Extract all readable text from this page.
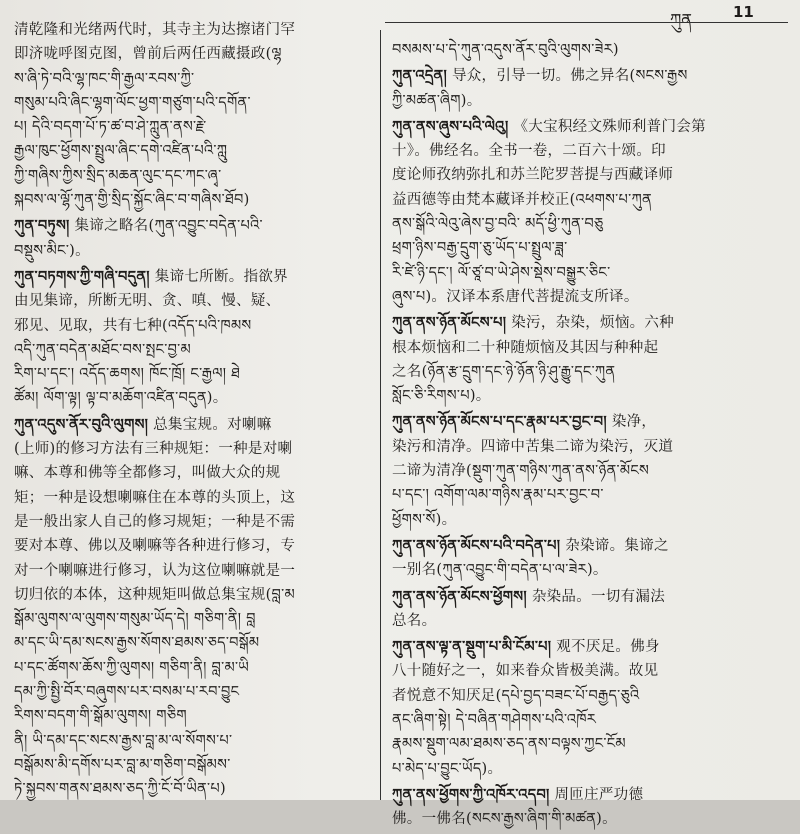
ཀུན	11
清乾隆和光绪两代时，其寺主为达擦诸门罕
即济咙呼图克图，曾前后两任西藏摄政(ལྷ
ས་ཞི་ཏེ་བའི་ལྷ་ཁང་གི་རྒྱལ་རབས་ཀྱི་
གསུམ་པའི་ཞིང་ལྷག་ལོང་ཕྱག་གཙུག་པའི་དགོན་
པ། དེའི་བདག་པོ་ཏ་ཚ་བ་ཤེ་ཀླུན་ནས་རྗེ་
རྒྱལ་ཁུང་ཕྱོགས་སྤྲུལ་ཞིང་དགེ་འཛིན་པའི་ཀླུ
ཀྱི་གཞིས་ཀྱིས་སྲིད་མཆན་ལུང་དང་ཀང་ཞྭ་
སྐབས་ལ་ལྷོ་ཀུན་གྱི་སྲིད་སྐྱོང་ཞིང་བ་གཞིས་ཐོབ)
ཀུན་བཏུས། 集谛之略名(ཀུན་འབྱུང་བདེན་པའི་
བསྡུས་མིང་)。
ཀུན་བཏགས་ཀྱི་གཞི་བདུན། 集谛七所断。指欲界
由见集谛，所断无明、贪、嗔、慢、疑、
邪见、见取，共有七种(འདོད་པའི་ཁམས
འདི་ཀུན་བདེན་མཐོང་བས་སྤང་བྱ་མ
རིག་པ་དང་། འདོད་ཆགས། ཁོང་ཁྲོ། ང་རྒྱལ། ཐེ
ཚོམ། ལོག་ལྟ། ལྟ་བ་མཆོག་འཛིན་བདུན)。
ཀུན་འདུས་ནོར་བུའི་ལུགས། 总集宝规。对喇嘛
(上师)的修习方法有三种规矩：一种是对喇
嘛、本尊和佛等全都修习，叫做大众的规
矩；一种是设想喇嘛住在本尊的头顶上，这
是一般出家人自己的修习规矩；一种是不需
要对本尊、佛以及喇嘛等各种进行修习，专
对一个喇嘛进行修习，认为这位喇嘛就是一
切归依的本体，这种规矩叫做总集宝规(བླ་མ
སྒོམ་ལུགས་ལ་ལུགས་གསུམ་ཡོད་དེ། གཅིག་ནི། བླ
མ་དང་ཡི་དམ་སངས་རྒྱས་སོགས་ཐམས་ཅད་བསྒོམ
པ་དང་ཚོགས་ཆོས་ཀྱི་ལུགས། གཅིག་ནི། བླ་མ་ཡི
དམ་ཀྱི་སྤྱི་བོར་བཞུགས་པར་བསམ་པ་རབ་བྱུང
རིགས་བདག་གི་སྒོམ་ལུགས། གཅིག
ནི། ཡི་དམ་དང་སངས་རྒྱས་བླ་མ་ལ་སོགས་པ་
བསྒོམས་མི་དགོས་པར་བླ་མ་གཅིག་བསྒོམས་
ཏེ་སྐྱབས་གནས་ཐམས་ཅད་ཀྱི་ངོ་བོ་ཡིན་པ)
བསམས་པ་དེ་ཀུན་འདུས་ནོར་བུའི་ལུགས་ཟེར)
ཀུན་འདྲེན། 导众，引导一切。佛之异名(སངས་རྒྱས
ཀྱི་མཚན་ཞིག)。
ཀུན་ནས་ཞུས་པའི་ལེའུ། 《大宝积经文殊师利普门会第
十》。佛经名。全书一卷，二百六十颂。印
度论师孜纳弥扎和苏兰陀罗菩提与西藏译师
益西德等由梵本藏译并校正(འཕགས་པ་ཀུན
ནས་སྒོའི་ལེའུ་ཞེས་བྱ་བའི་ མདོ་ཕྱི་ཀུན་བཅུ
ཕྲག་ཉིས་བརྒྱ་དྲུག་ཅུ་ཡོད་པ་སྤྲུལ་ཟླ་
རི་ཛེ་ཉི་དང་། ལོ་ཙཱ་བ་ཡེ་ཤེས་སྡེས་བསྒྱུར་ཅིང་
ཞུས་པ)。汉译本系唐代菩提流支所译。
ཀུན་ནས་ཉོན་མོངས་པ། 染污，杂染，烦恼。六种
根本烦恼和二十种随烦恼及其因与种种起
之名(ཉོན་རྩ་དྲུག་དང་ཉེ་ཉོན་ཉི་ཤུ་རྒྱུ་དང་ཀུན
སློང་ཅི་རིགས་པ)。
ཀུན་ནས་ཉོན་མོངས་པ་དང་རྣམ་པར་བྱང་བ། 染净，
染污和清净。四谛中苦集二谛为染污，灭道
二谛为清净(སྡུག་ཀུན་གཉིས་ཀུན་ནས་ཉོན་མོངས
པ་དང་། འགོག་ལམ་གཉིས་རྣམ་པར་བྱང་བ་
ཕྱོགས་སོ)。
ཀུན་ནས་ཉོན་མོངས་པའི་བདེན་པ། 杂染谛。集谛之
一别名(ཀུན་འབྱུང་གི་བདེན་པ་ལ་ཟེར)。
ཀུན་ནས་ཉོན་མོངས་ཕྱོགས། 杂染品。一切有漏法
总名。
ཀུན་ནས་ལྟ་ན་སྡུག་པ་མི་ངོམ་པ། 观不厌足。佛身
八十随好之一，如来眷众皆极美满。故见
者悦意不知厌足(དཔེ་བྱད་བཟང་པོ་བརྒྱད་ཅུའི
ནང་ཞིག་སྟེ། དེ་བཞིན་གཤེགས་པའི་འཁོར
རྣམས་སྡུག་ལམ་ཐམས་ཅད་ནས་བལྟས་ཀྱང་ངོམ
པ་མེད་པ་བྱུང་ཡོད)。
ཀུན་ནས་ཕྱོགས་ཀྱི་འཁོར་འདབ། 周匝庄严功德
佛。一佛名(སངས་རྒྱས་ཞིག་གི་མཚན)。
